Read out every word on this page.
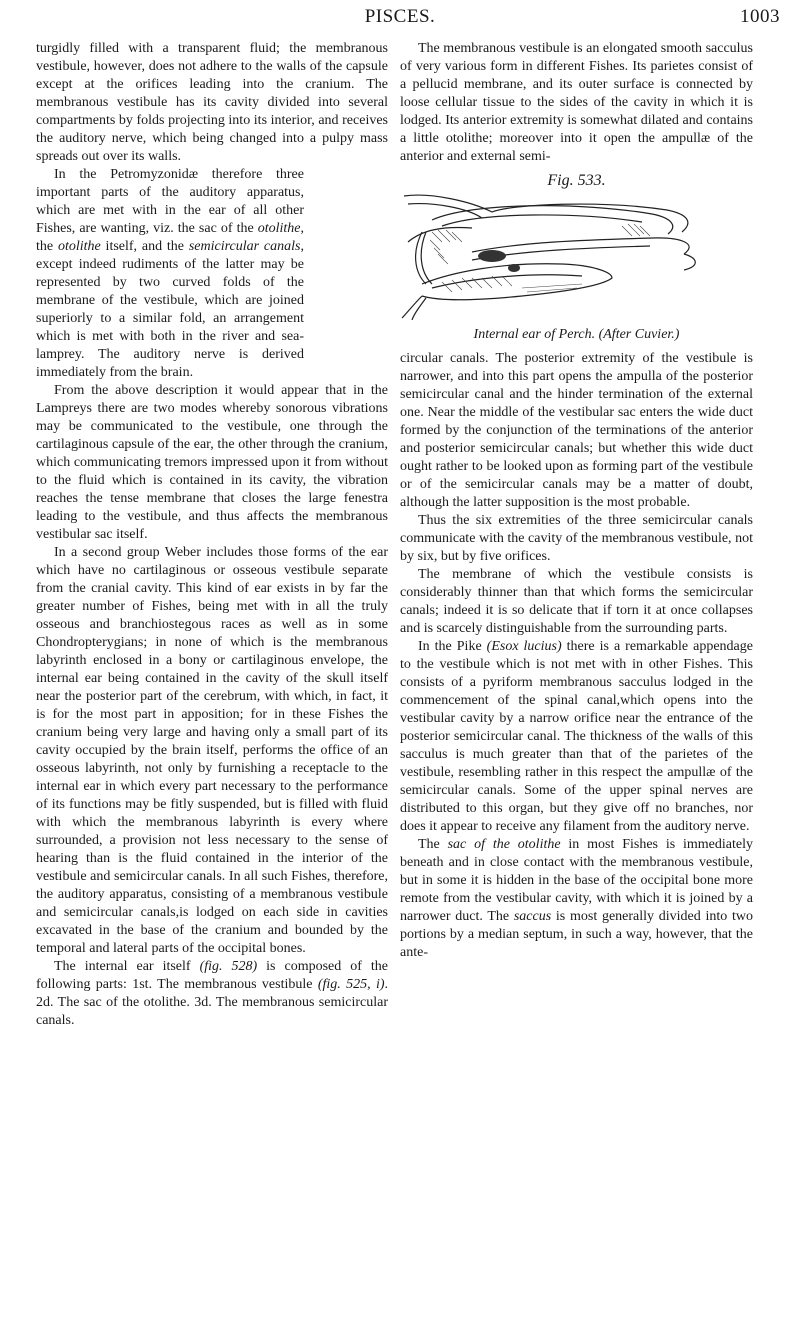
PISCES.	1003

turgidly filled with a transparent fluid; the membranous vestibule, however, does not adhere to the walls of the capsule except at the orifices leading into the cranium. The membranous vestibule has its cavity divided into several compartments by folds projecting into its interior, and receives the auditory nerve, which being changed into a pulpy mass spreads out over its walls.

In the Petromyzonidæ therefore three important parts of the auditory apparatus, which are met with in the ear of all other Fishes, are wanting, viz. the sac of the otolithe, the otolithe itself, and the semicircular canals, except indeed rudiments of the latter may be represented by two curved folds of the membrane of the vestibule, which are joined superiorly to a similar fold, an arrangement which is met with both in the river and sea-lamprey. The auditory nerve is derived immediately from the brain.

From the above description it would appear that in the Lampreys there are two modes whereby sonorous vibrations may be communicated to the vestibule, one through the cartilaginous capsule of the ear, the other through the cranium, which communicating tremors impressed upon it from without to the fluid which is contained in its cavity, the vibration reaches the tense membrane that closes the large fenestra leading to the vestibule, and thus affects the membranous vestibular sac itself.

In a second group Weber includes those forms of the ear which have no cartilaginous or osseous vestibule separate from the cranial cavity. This kind of ear exists in by far the greater number of Fishes, being met with in all the truly osseous and branchiostegous races as well as in some Chondropterygians; in none of which is the membranous labyrinth enclosed in a bony or cartilaginous envelope, the internal ear being contained in the cavity of the skull itself near the posterior part of the cerebrum, with which, in fact, it is for the most part in apposition; for in these Fishes the cranium being very large and having only a small part of its cavity occupied by the brain itself, performs the office of an osseous labyrinth, not only by furnishing a receptacle to the internal ear in which every part necessary to the performance of its functions may be fitly suspended, but is filled with fluid with which the membranous labyrinth is every where surrounded, a provision not less necessary to the sense of hearing than is the fluid contained in the interior of the vestibule and semicircular canals. In all such Fishes, therefore, the auditory apparatus, consisting of a membranous vestibule and semicircular canals,is lodged on each side in cavities excavated in the base of the cranium and bounded by the temporal and lateral parts of the occipital bones.

The internal ear itself (fig. 528) is composed of the following parts: 1st. The membranous vestibule (fig. 525, i). 2d. The sac of the otolithe. 3d. The membranous semicircular canals.

The membranous vestibule is an elongated smooth sacculus of very various form in different Fishes. Its parietes consist of a pellucid membrane, and its outer surface is connected by loose cellular tissue to the sides of the cavity in which it is lodged. Its anterior extremity is somewhat dilated and contains a little otolithe; moreover into it open the ampullæ of the anterior and external semi-

Fig. 533.
Internal ear of Perch. (After Cuvier.)

circular canals. The posterior extremity of the vestibule is narrower, and into this part opens the ampulla of the posterior semicircular canal and the hinder termination of the external one. Near the middle of the vestibular sac enters the wide duct formed by the conjunction of the terminations of the anterior and posterior semicircular canals; but whether this wide duct ought rather to be looked upon as forming part of the vestibule or of the semicircular canals may be a matter of doubt, although the latter supposition is the most probable.

Thus the six extremities of the three semicircular canals communicate with the cavity of the membranous vestibule, not by six, but by five orifices.

The membrane of which the vestibule consists is considerably thinner than that which forms the semicircular canals; indeed it is so delicate that if torn it at once collapses and is scarcely distinguishable from the surrounding parts.

In the Pike (Esox lucius) there is a remarkable appendage to the vestibule which is not met with in other Fishes. This consists of a pyriform membranous sacculus lodged in the commencement of the spinal canal,which opens into the vestibular cavity by a narrow orifice near the entrance of the posterior semicircular canal. The thickness of the walls of this sacculus is much greater than that of the parietes of the vestibule, resembling rather in this respect the ampullæ of the semicircular canals. Some of the upper spinal nerves are distributed to this organ, but they give off no branches, nor does it appear to receive any filament from the auditory nerve.

The sac of the otolithe in most Fishes is immediately beneath and in close contact with the membranous vestibule, but in some it is hidden in the base of the occipital bone more remote from the vestibular cavity, with which it is joined by a narrower duct. The saccus is most generally divided into two portions by a median septum, in such a way, however, that the ante-
